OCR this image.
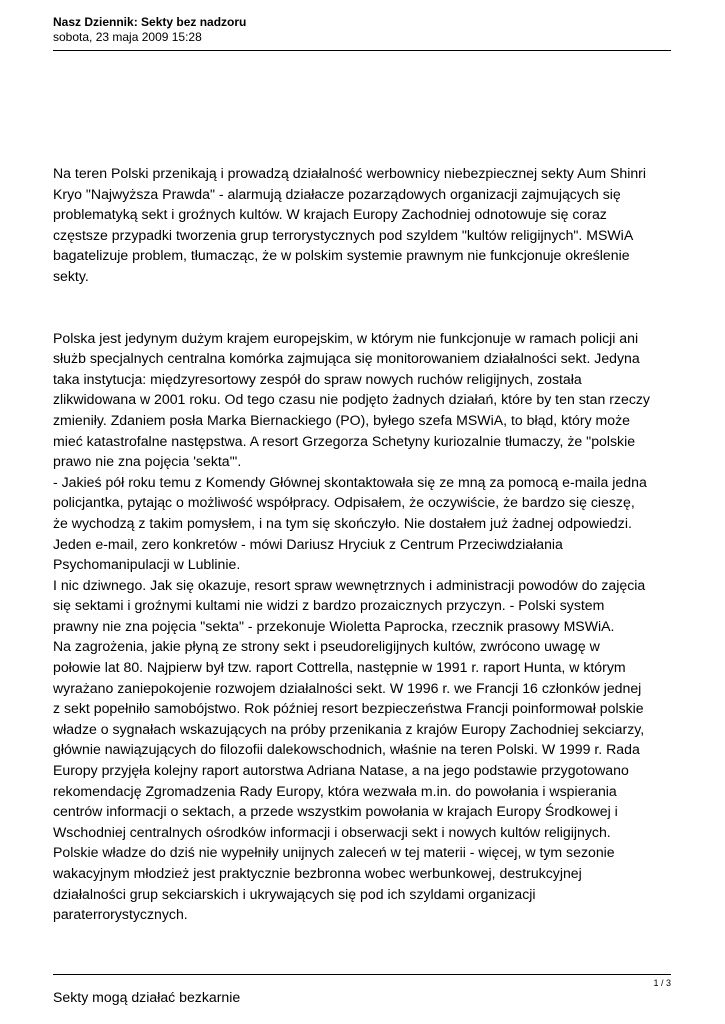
Nasz Dziennik: Sekty bez nadzoru

sobota, 23 maja 2009 15:28

Na teren Polski przenikają i prowadzą działalność werbownicy niebezpiecznej sekty Aum Shinri
Kryo "Najwyższa Prawda" - alarmują działacze pozarządowych organizacji zajmujących się
problematyką sekt i groźnych kultów. W krajach Europy Zachodniej odnotowuje się coraz
częstsze przypadki tworzenia grup terrorystycznych pod szyldem "kultów religijnych". MSWiA
bagatelizuje problem, tłumacząc, że w polskim systemie prawnym nie funkcjonuje określenie
sekty.

Polska jest jedynym dużym krajem europejskim, w którym nie funkcjonuje w ramach policji ani
służb specjalnych centralna komórka zajmująca się monitorowaniem działalności sekt. Jedyna
taka instytucja: międzyresortowy zespół do spraw nowych ruchów religijnych, została
zlikwidowana w 2001 roku. Od tego czasu nie podjęto żadnych działań, które by ten stan rzeczy
zmieniły. Zdaniem posła Marka Biernackiego (PO), byłego szefa MSWiA, to błąd, który może
mieć katastrofalne następstwa. A resort Grzegorza Schetyny kuriozalnie tłumaczy, że "polskie
prawo nie zna pojęcia 'sekta'".
- Jakieś pół roku temu z Komendy Głównej skontaktowała się ze mną za pomocą e-maila jedna
policjantka, pytając o możliwość współpracy. Odpisałem, że oczywiście, że bardzo się cieszę,
że wychodzą z takim pomysłem, i na tym się skończyło. Nie dostałem już żadnej odpowiedzi.
Jeden e-mail, zero konkretów - mówi Dariusz Hryciuk z Centrum Przeciwdziałania
Psychomanipulacji w Lublinie.
I nic dziwnego. Jak się okazuje, resort spraw wewnętrznych i administracji powodów do zajęcia
się sektami i groźnymi kultami nie widzi z bardzo prozaicznych przyczyn. - Polski system
prawny nie zna pojęcia "sekta" - przekonuje Wioletta Paprocka, rzecznik prasowy MSWiA.
Na zagrożenia, jakie płyną ze strony sekt i pseudoreligijnych kultów, zwrócono uwagę w
połowie lat 80. Najpierw był tzw. raport Cottrella, następnie w 1991 r. raport Hunta, w którym
wyrażano zaniepokojenie rozwojem działalności sekt. W 1996 r. we Francji 16 członków jednej
z sekt popełniło samobójstwo. Rok później resort bezpieczeństwa Francji poinformował polskie
władze o sygnałach wskazujących na próby przenikania z krajów Europy Zachodniej sekciarzy,
głównie nawiązujących do filozofii dalekowschodnich, właśnie na teren Polski. W 1999 r. Rada
Europy przyjęła kolejny raport autorstwa Adriana Natase, a na jego podstawie przygotowano
rekomendację Zgromadzenia Rady Europy, która wezwała m.in. do powołania i wspierania
centrów informacji o sektach, a przede wszystkim powołania w krajach Europy Środkowej i
Wschodniej centralnych ośrodków informacji i obserwacji sekt i nowych kultów religijnych.
Polskie władze do dziś nie wypełniły unijnych zaleceń w tej materii - więcej, w tym sezonie
wakacyjnym młodzież jest praktycznie bezbronna wobec werbunkowej, destrukcyjnej
działalności grup sekciarskich i ukrywających się pod ich szyldami organizacji
paraterrorystycznych.

Sekty mogą działać bezkarnie

1 / 3
